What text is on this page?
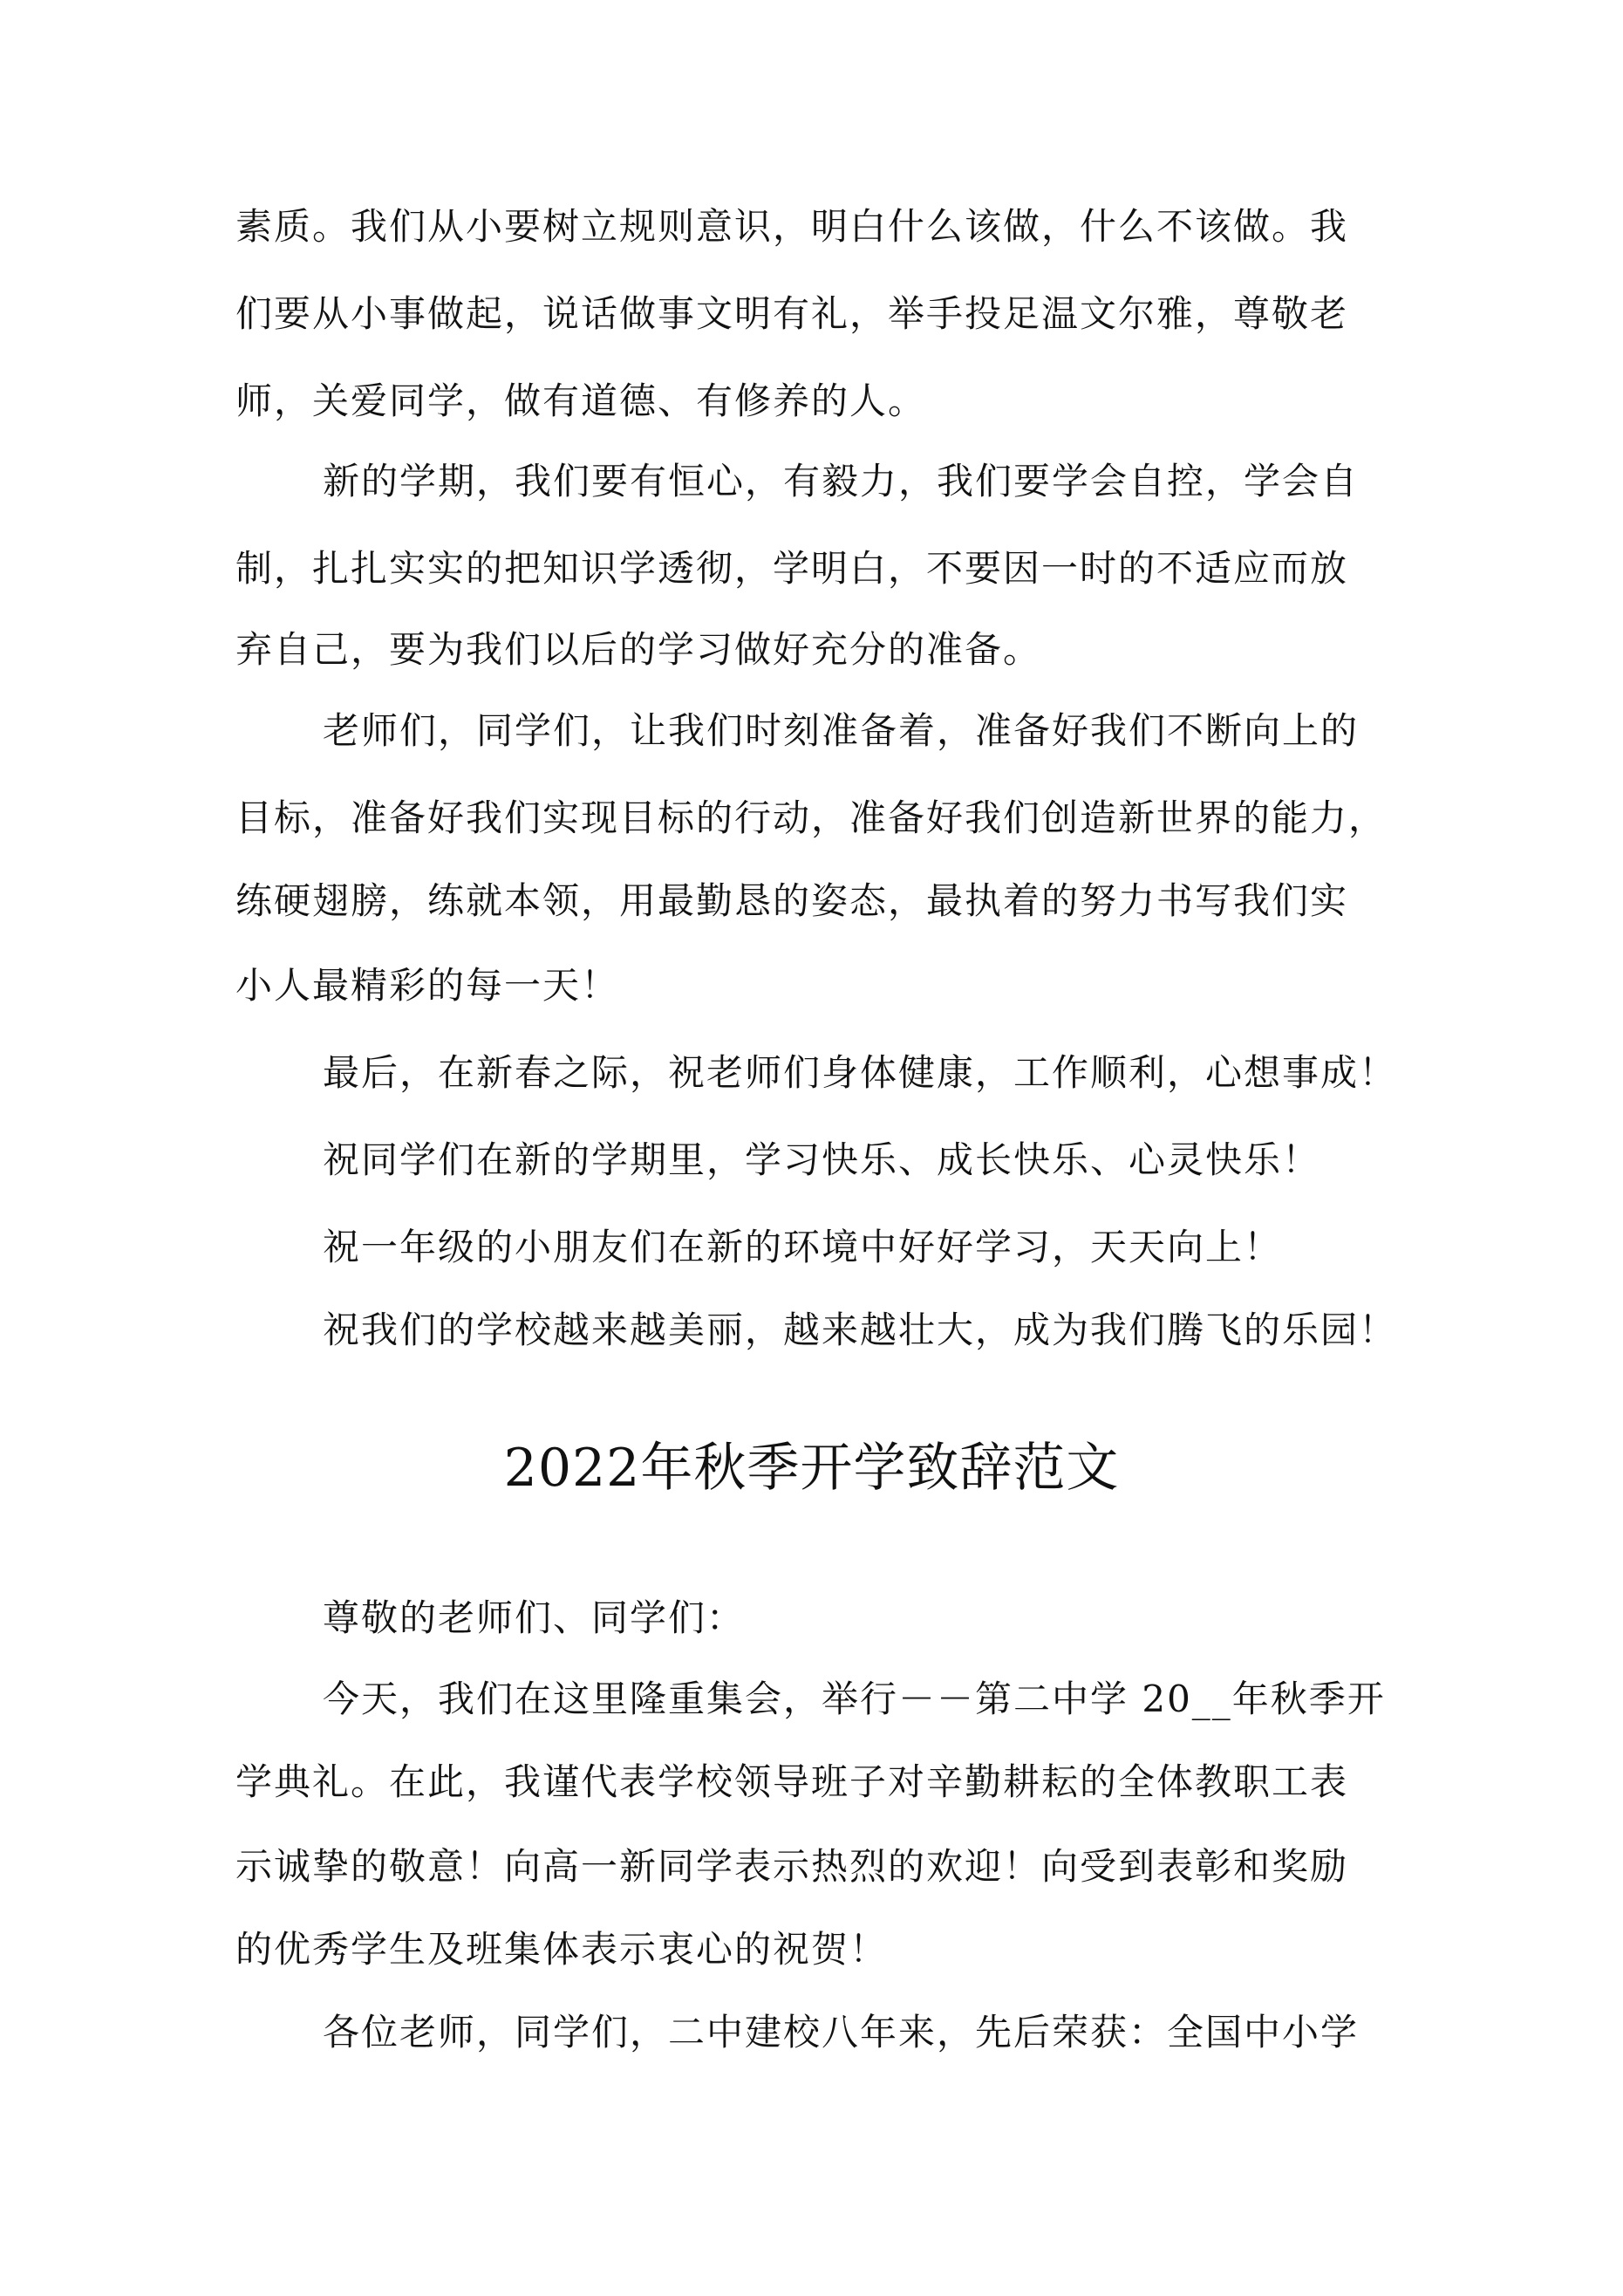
素质。我们从小要树立规则意识，明白什么该做，什么不该做。我
们要从小事做起，说话做事文明有礼，举手投足温文尔雅，尊敬老
师，关爱同学，做有道德、有修养的人。
新的学期，我们要有恒心，有毅力，我们要学会自控，学会自
制，扎扎实实的把知识学透彻，学明白，不要因一时的不适应而放
弃自己，要为我们以后的学习做好充分的准备。
老师们，同学们，让我们时刻准备着，准备好我们不断向上的
目标，准备好我们实现目标的行动，准备好我们创造新世界的能力，
练硬翅膀，练就本领，用最勤恳的姿态，最执着的努力书写我们实
小人最精彩的每一天！
最后，在新春之际，祝老师们身体健康，工作顺利，心想事成！
祝同学们在新的学期里，学习快乐、成长快乐、心灵快乐！
祝一年级的小朋友们在新的环境中好好学习，天天向上！
祝我们的学校越来越美丽，越来越壮大，成为我们腾飞的乐园！
2022年秋季开学致辞范文
尊敬的老师们、同学们：
今天，我们在这里隆重集会，举行－－第二中学 20__年秋季开
学典礼。在此，我谨代表学校领导班子对辛勤耕耘的全体教职工表
示诚挚的敬意！向高一新同学表示热烈的欢迎！向受到表彰和奖励
的优秀学生及班集体表示衷心的祝贺！
各位老师，同学们，二中建校八年来，先后荣获：全国中小学
